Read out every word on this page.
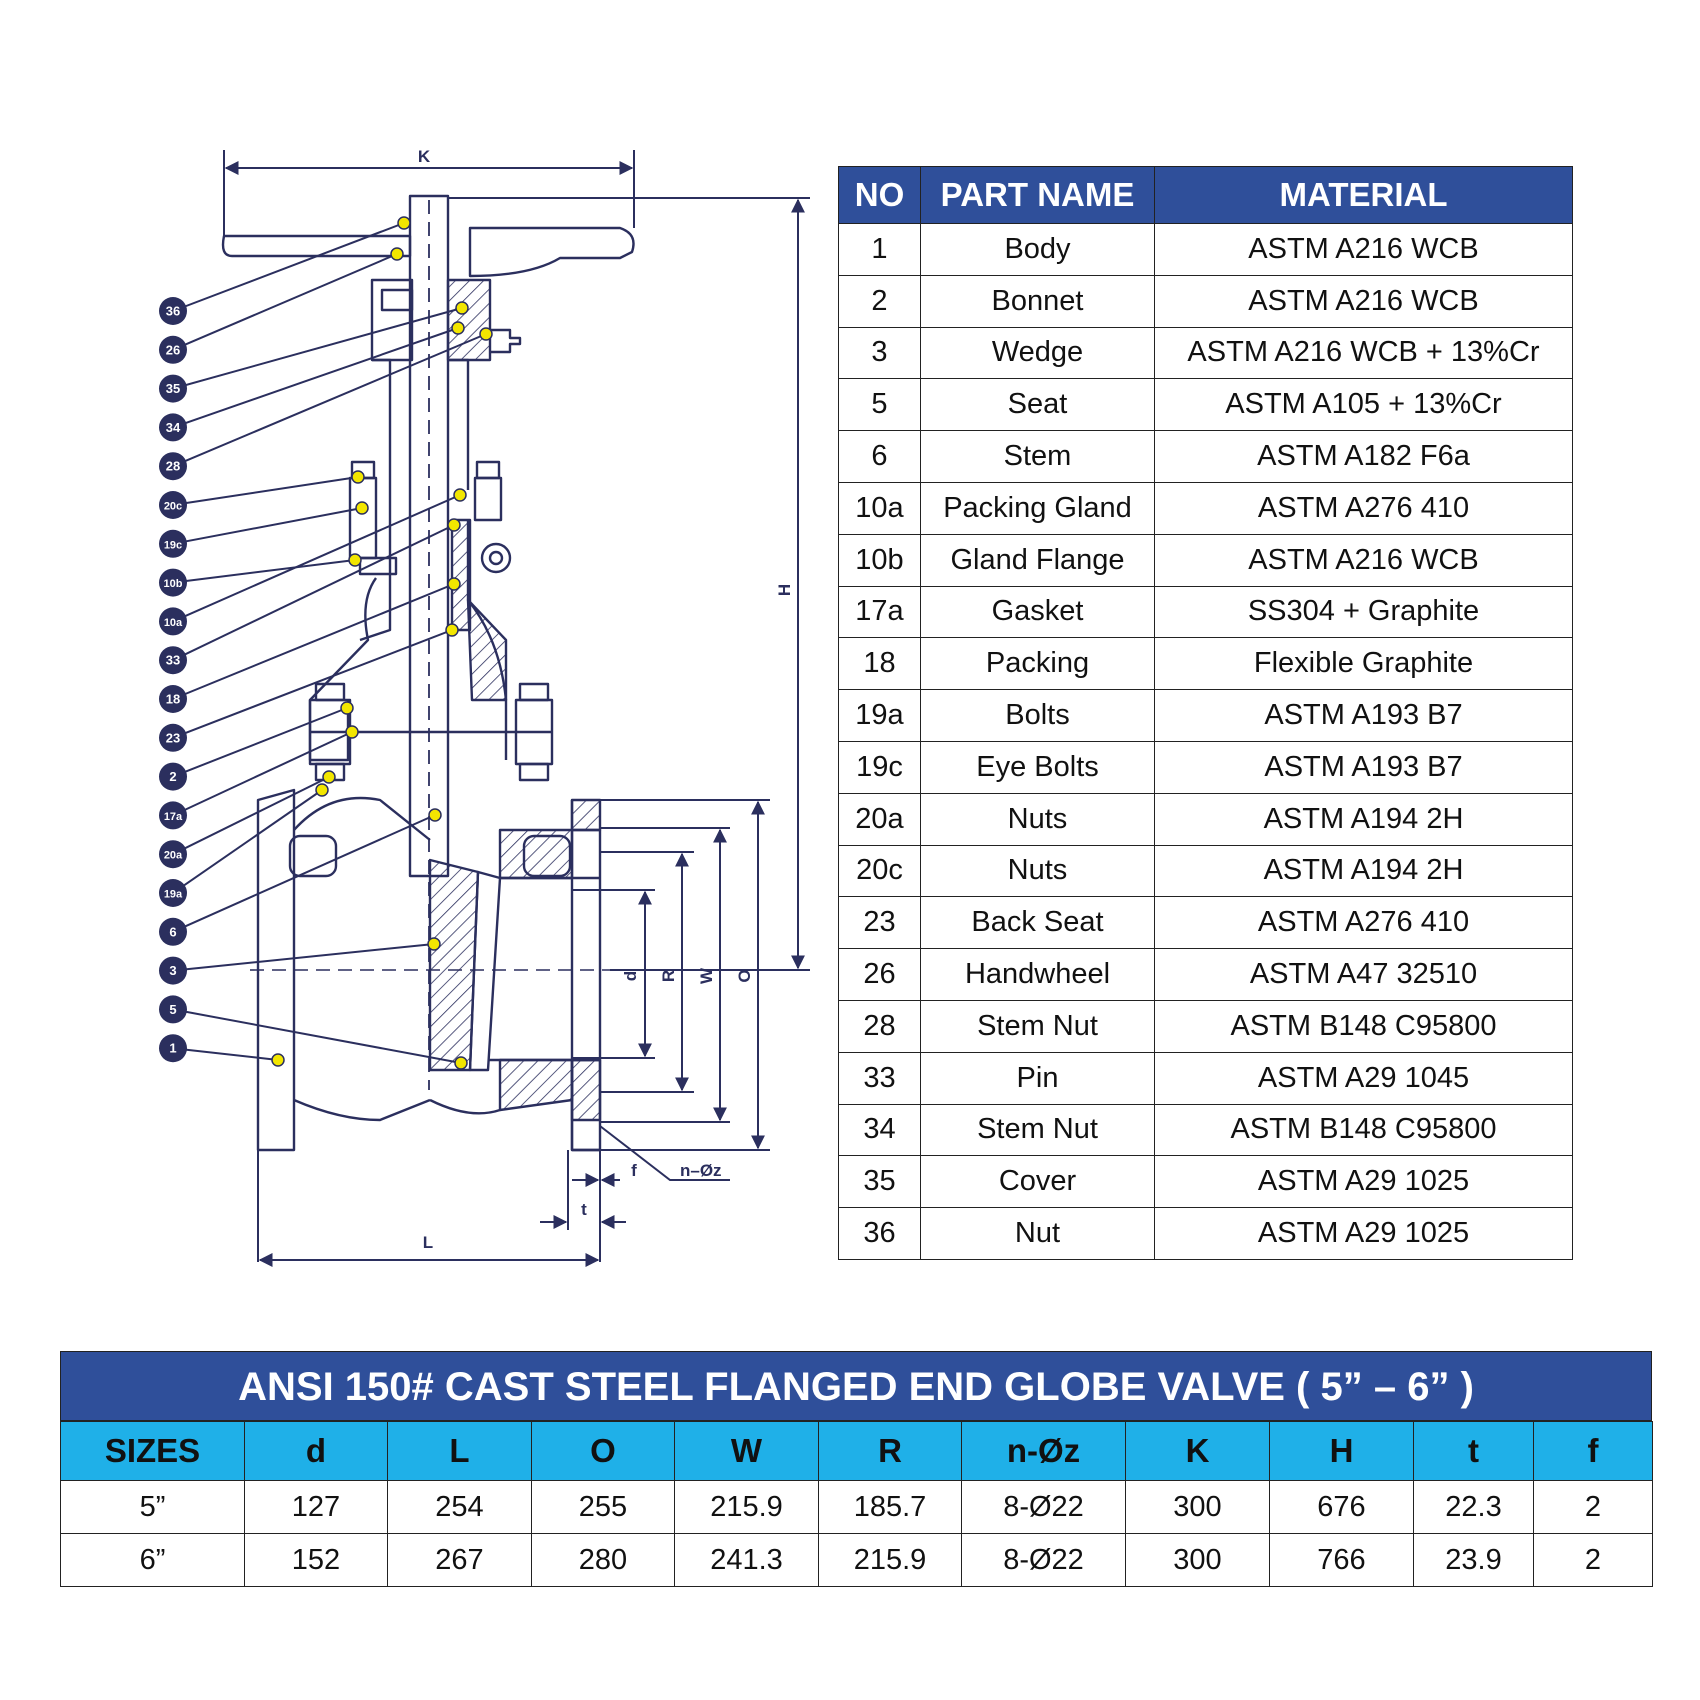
K
H
O
W
R
d
L
t
f	n–Øz
36
26
35
34
28
20c
19c
10b
10a
33
18
23
2
17a
20a
19a
6
3
5
1
NO	PART NAME	MATERIAL
1	Body	ASTM A216 WCB
2	Bonnet	ASTM A216 WCB
3	Wedge	ASTM A216 WCB + 13%Cr
5	Seat	ASTM A105 + 13%Cr
6	Stem	ASTM A182 F6a
10a	Packing Gland	ASTM A276 410
10b	Gland Flange	ASTM A216 WCB
17a	Gasket	SS304 + Graphite
18	Packing	Flexible Graphite
19a	Bolts	ASTM A193 B7
19c	Eye Bolts	ASTM A193 B7
20a	Nuts	ASTM A194 2H
20c	Nuts	ASTM A194 2H
23	Back Seat	ASTM A276 410
26	Handwheel	ASTM A47 32510
28	Stem Nut	ASTM B148 C95800
33	Pin	ASTM A29 1045
34	Stem Nut	ASTM B148 C95800
35	Cover	ASTM A29 1025
36	Nut	ASTM A29 1025
ANSI 150# CAST STEEL FLANGED END GLOBE VALVE ( 5” – 6” )
SIZES	d	L	O	W	R	n-Øz	K	H	t	f
5”	127	254	255	215.9	185.7	8-Ø22	300	676	22.3	2
6”	152	267	280	241.3	215.9	8-Ø22	300	766	23.9	2
